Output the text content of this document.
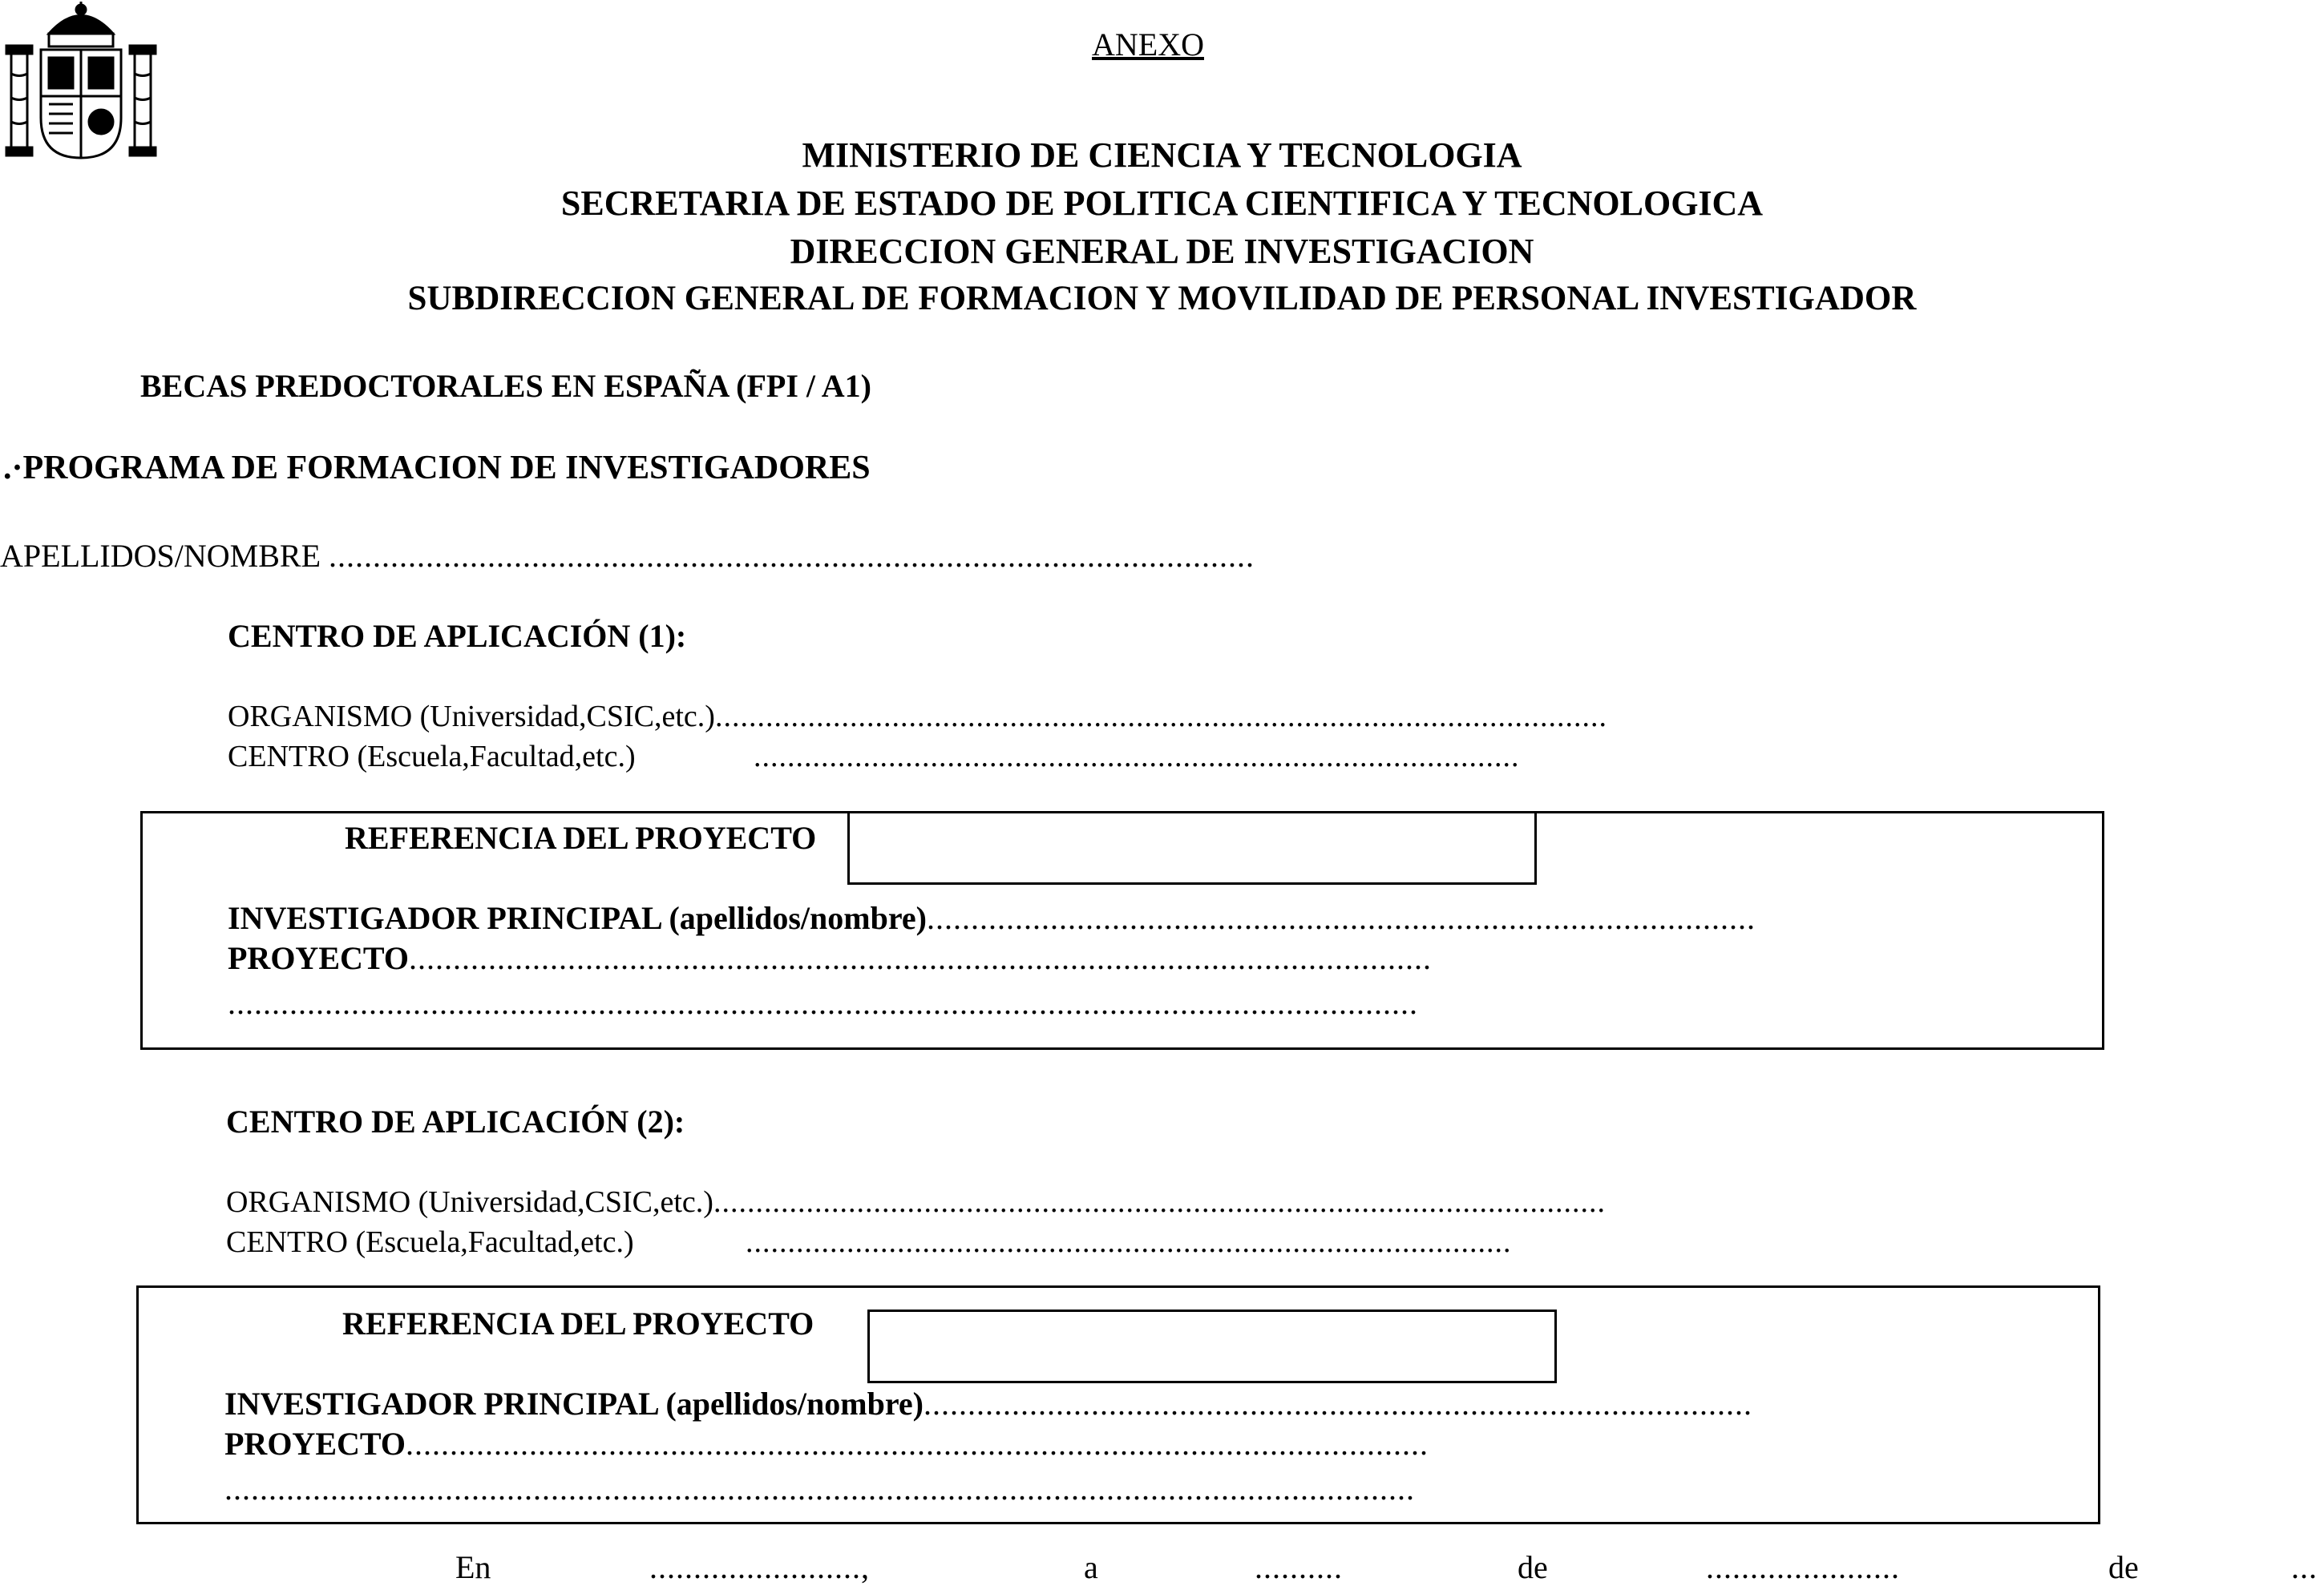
ANEXO
MINISTERIO DE CIENCIA Y TECNOLOGIA
SECRETARIA DE ESTADO DE POLITICA CIENTIFICA Y TECNOLOGICA
DIRECCION GENERAL DE INVESTIGACION
SUBDIRECCION GENERAL DE FORMACION Y MOVILIDAD DE PERSONAL INVESTIGADOR
BECAS PREDOCTORALES EN ESPAÑA (FPI / A1)
.·PROGRAMA DE FORMACION DE INVESTIGADORES
APELLIDOS/NOMBRE .........................................................................................................
CENTRO DE APLICACIÓN (1):
ORGANISMO (Universidad,CSIC,etc.)..........................................................................................................
CENTRO (Escuela,Facultad,etc.)	...........................................................................................
REFERENCIA DEL PROYECTO
INVESTIGADOR PRINCIPAL (apellidos/nombre)..............................................................................................
PROYECTO....................................................................................................................
.......................................................................................................................................
CENTRO DE APLICACIÓN (2):
ORGANISMO (Universidad,CSIC,etc.)..........................................................................................................
CENTRO (Escuela,Facultad,etc.)	...........................................................................................
REFERENCIA DEL PROYECTO
INVESTIGADOR PRINCIPAL (apellidos/nombre)..............................................................................................
PROYECTO....................................................................................................................
.......................................................................................................................................
En	........................,	a	..........	de	......................	de	...
